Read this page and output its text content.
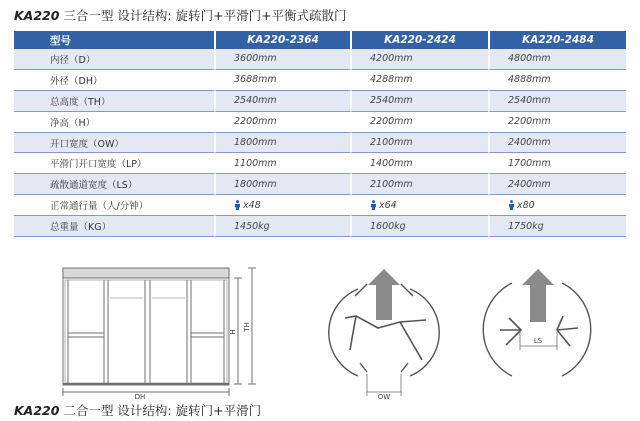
KA220 三合一型 设计结构: 旋转门+平滑门+平衡式疏散门
型号	KA220-2364	KA220-2424	KA220-2484
内径（D）	3600mm	4200mm	4800mm
外径（DH）	3688mm	4288mm	4888mm
总高度（TH）	2540mm	2540mm	2540mm
净高（H）	2200mm	2200mm	2200mm
开口宽度（OW）	1800mm	2100mm	2400mm
平滑门开口宽度（LP）	1100mm	1400mm	1700mm
疏散通道宽度（LS）	1800mm	2100mm	2400mm
正常通行量（人/分钟）	x48	x64	x80
总重量（KG）	1450kg	1600kg	1750kg
DH
H
TH
OW
LS
KA220 二合一型 设计结构: 旋转门+平滑门
